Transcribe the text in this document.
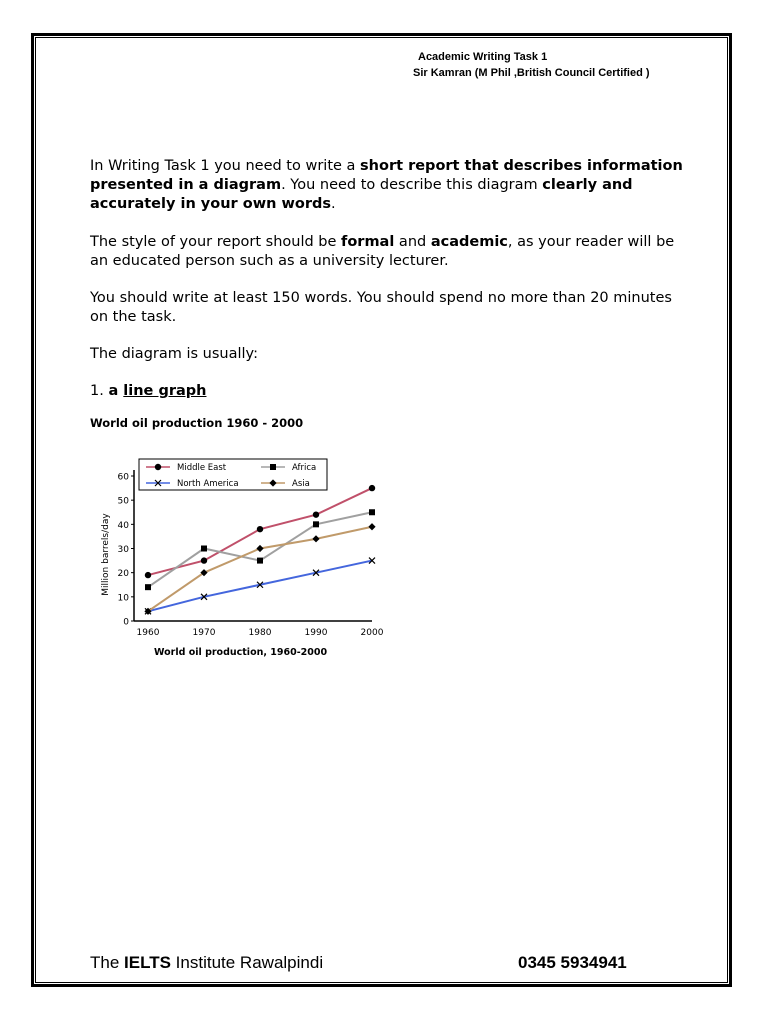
Academic Writing Task 1
Sir Kamran (M Phil ,British Council Certified )

In Writing Task 1 you need to write a short report that describes information presented in a diagram. You need to describe this diagram clearly and accurately in your own words.

The style of your report should be formal and academic, as your reader will be an educated person such as a university lecturer.

You should write at least 150 words. You should spend no more than 20 minutes on the task.

The diagram is usually:

1. a line graph

World oil production 1960 - 2000
0
10
20
30
40
50
60
1960	1970	1980	1990	2000
Million barrels/day
World oil production, 1960-2000
Middle East	Africa
North America	Asia
The IELTS Institute Rawalpindi	0345 5934941
